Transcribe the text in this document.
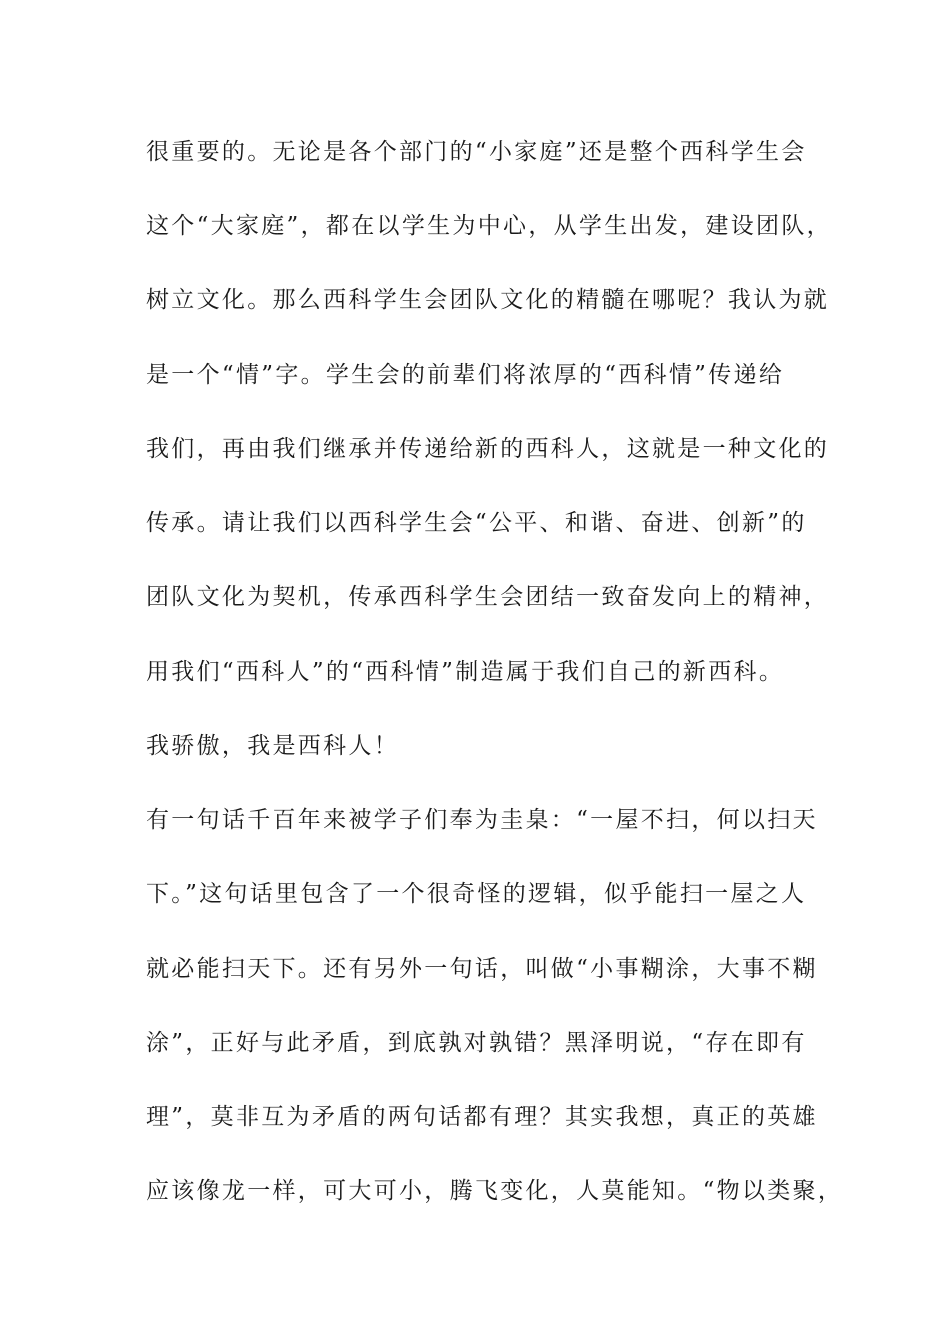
很重要的。无论是各个部门的“小家庭”还是整个西科学生会
这个“大家庭”，都在以学生为中心，从学生出发，建设团队，
树立文化。那么西科学生会团队文化的精髓在哪呢？我认为就
是一个“情”字。学生会的前辈们将浓厚的“西科情”传递给
我们，再由我们继承并传递给新的西科人，这就是一种文化的
传承。请让我们以西科学生会“公平、和谐、奋进、创新”的
团队文化为契机，传承西科学生会团结一致奋发向上的精神，
用我们“西科人”的“西科情”制造属于我们自己的新西科。
我骄傲，我是西科人！
有一句话千百年来被学子们奉为圭臬：“一屋不扫，何以扫天
下。”这句话里包含了一个很奇怪的逻辑，似乎能扫一屋之人
就必能扫天下。还有另外一句话，叫做“小事糊涂，大事不糊
涂”，正好与此矛盾，到底孰对孰错？黑泽明说，“存在即有
理”，莫非互为矛盾的两句话都有理？其实我想，真正的英雄
应该像龙一样，可大可小，腾飞变化，人莫能知。“物以类聚，
